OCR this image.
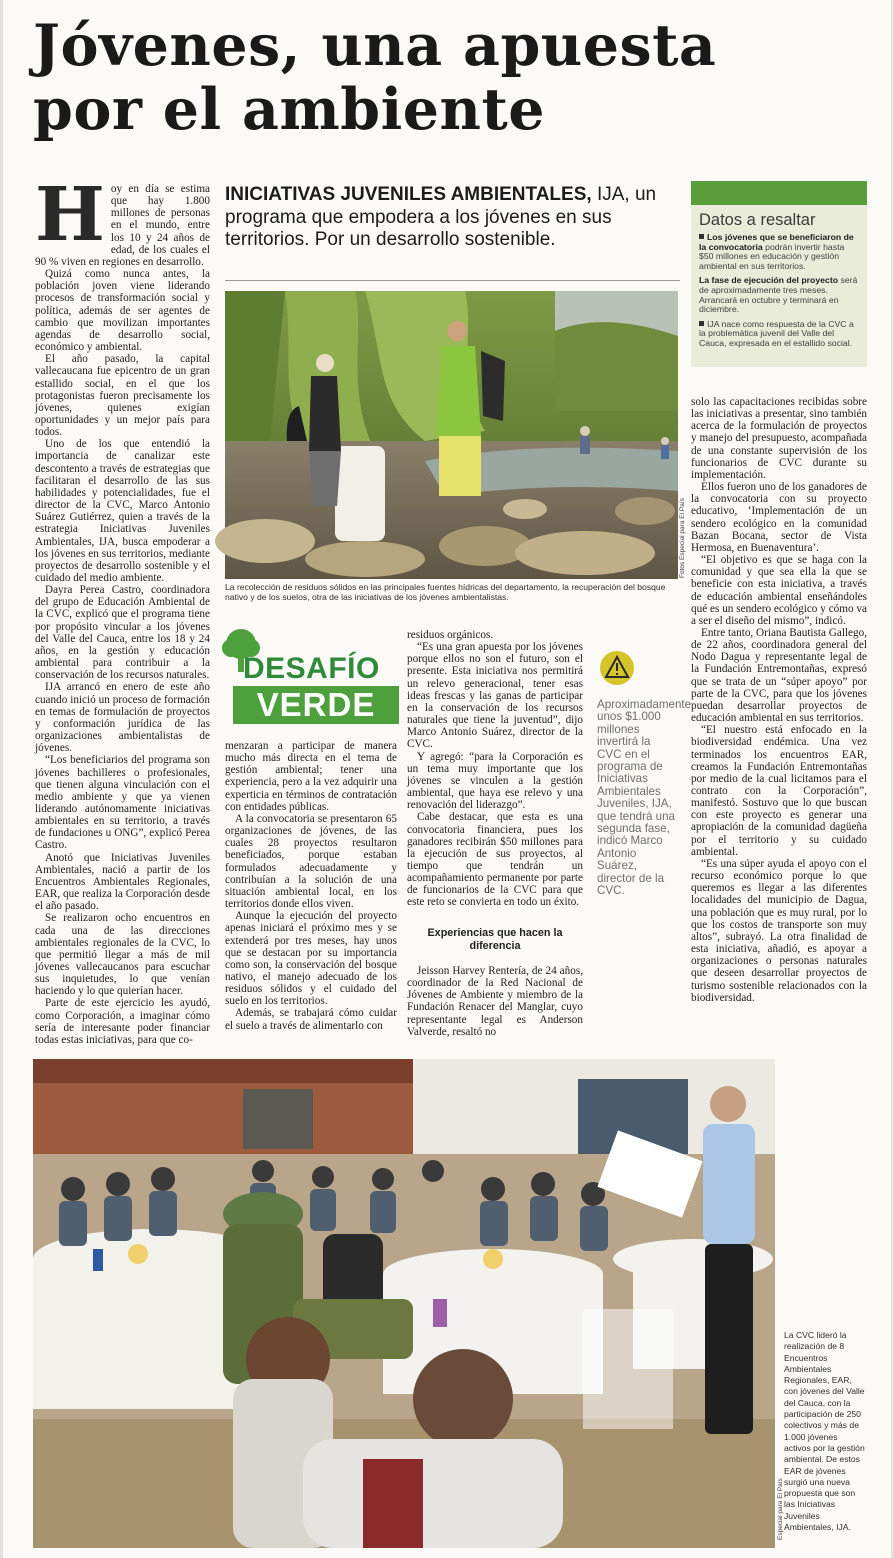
Jóvenes, una apuesta
por el ambiente
H oy en día se estima que hay 1.800 millones de personas en el mundo, entre los 10 y 24 años de edad, de los cuales el 90 % viven en regiones en desarrollo.

Quizá como nunca antes, la población joven viene liderando procesos de transformación social y política, además de ser agentes de cambio que movilizan importantes agendas de desarrollo social, económico y ambiental.

El año pasado, la capital vallecaucana fue epicentro de un gran estallido social, en el que los protagonistas fueron precisamente los jóvenes, quienes exigían oportunidades y un mejor país para todos.

Uno de los que entendió la importancia de canalizar este descontento a través de estrategias que facilitaran el desarrollo de las sus habilidades y potencialidades, fue el director de la CVC, Marco Antonio Suárez Gutiérrez, quien a través de la estrategia Iniciativas Juveniles Ambientales, IJA, busca empoderar a los jóvenes en sus territorios, mediante proyectos de desarrollo sostenible y el cuidado del medio ambiente.

Dayra Perea Castro, coordinadora del grupo de Educación Ambiental de la CVC, explicó que el programa tiene por propósito vincular a los jóvenes del Valle del Cauca, entre los 18 y 24 años, en la gestión y educación ambiental para contribuir a la conservación de los recursos naturales.

IJA arrancó en enero de este año cuando inició un proceso de formación en temas de formulación de proyectos y conformación jurídica de las organizaciones ambientalistas de jóvenes.

“Los beneficiarios del programa son jóvenes bachilleres o profesionales, que tienen alguna vinculación con el medio ambiente y que ya vienen liderando autónomamente iniciativas ambientales en su territorio, a través de fundaciones u ONG”, explicó Perea Castro.

Anotó que Iniciativas Juveniles Ambientales, nació a partir de los Encuentros Ambientales Regionales, EAR, que realiza la Corporación desde el año pasado.

Se realizaron ocho encuentros en cada una de las direcciones ambientales regionales de la CVC, lo que permitió llegar a más de mil jóvenes vallecaucanos para escuchar sus inquietudes, lo que venían haciendo y lo que quierían hacer.

Parte de este ejercicio les ayudó, como Corporación, a imaginar cómo sería de interesante poder financiar todas estas iniciativas, para que co-

INICIATIVAS JUVENILES AMBIENTALES, IJA, un programa que empodera a los jóvenes en sus territorios. Por un desarrollo sostenible.
Datos a resaltar
Los jóvenes que se beneficiaron de la convocatoria podrán invertir hasta $50 millones en educación y gestión ambiental en sus territorios.
La fase de ejecución del proyecto será de aproximadamente tres meses. Arrancará en octubre y terminará en diciembre.
IJA nace como respuesta de la CVC a la problemática juvenil del Valle del Cauca, expresada en el estallido social.
La recolección de residuos sólidos en las principales fuentes hídricas del departamento, la recuperación del bosque nativo y de los suelos, otra de las iniciativas de los jóvenes ambientalistas.
Fotos Especial para El País

solo las capacitaciones recibidas sobre las iniciativas a presentar, sino también acerca de la formulación de proyectos y manejo del presupuesto, acompañada de una constante supervisión de los funcionarios de CVC durante su implementación.

Ellos fueron uno de los ganadores de la convocatoria con su proyecto educativo, ‘Implementación de un sendero ecológico en la comunidad Bazan Bocana, sector de Vista Hermosa, en Buenaventura’.

“El objetivo es que se haga con la comunidad y que sea ella la que se beneficie con esta iniciativa, a través de educación ambiental enseñándoles qué es un sendero ecológico y cómo va a ser el diseño del mismo”, indicó.

Entre tanto, Oriana Bautista Gallego, de 22 años, coordinadora general del Nodo Dagua y representante legal de la Fundación Entremontañas, expresó que se trata de un “súper apoyo” por parte de la CVC, para que los jóvenes puedan desarrollar proyectos de educación ambiental en sus territorios.

“El nuestro está enfocado en la biodiversidad endémica. Una vez terminados los encuentros EAR, creamos la Fundación Entremontañas por medio de la cual licitamos para el contrato con la Corporación”, manifestó. Sostuvo que lo que buscan con este proyecto es generar una apropiación de la comunidad dagüeña por el territorio y su cuidado ambiental.

“Es una súper ayuda el apoyo con el recurso económico porque lo que queremos es llegar a las diferentes localidades del municipio de Dagua, una población que es muy rural, por lo que los costos de transporte son muy altos”, subrayó. La otra finalidad de esta iniciativa, añadió, es apoyar a organizaciones o personas naturales que deseen desarrollar proyectos de turismo sostenible relacionados con la biodiversidad.

DESAFÍO
VERDE

menzaran a participar de manera mucho más directa en el tema de gestión ambiental; tener una experiencia, pero a la vez adquirir una experticia en términos de contratación con entidades públicas.

A la convocatoria se presentaron 65 organizaciones de jóvenes, de las cuales 28 proyectos resultaron beneficiados, porque estaban formulados adecuadamente y contribuían a la solución de una situación ambiental local, en los territorios donde ellos viven.

Aunque la ejecución del proyecto apenas iniciará el próximo mes y se extenderá por tres meses, hay unos que se destacan por su importancia como son, la conservación del bosque nativo, el manejo adecuado de los residuos sólidos y el cuidado del suelo en los territorios.

Además, se trabajará cómo cuidar el suelo a través de alimentarlo con

residuos orgánicos.

“Es una gran apuesta por los jóvenes porque ellos no son el futuro, son el presente. Esta iniciativa nos permitirá un relevo generacional, tener esas ideas frescas y las ganas de participar en la conservación de los recursos naturales que tiene la juventud”, dijo Marco Antonio Suárez, director de la CVC.

Y agregó: “para la Corporación es un tema muy importante que los jóvenes se vinculen a la gestión ambiental, que haya ese relevo y una renovación del liderazgo”.

Cabe destacar, que esta es una convocatoria financiera, pues los ganadores recibirán $50 millones para la ejecución de sus proyectos, al tiempo que tendrán un acompañamiento permanente por parte de funcionarios de la CVC para que este reto se convierta en todo un éxito.

Experiencias que hacen la diferencia

Jeisson Harvey Rentería, de 24 años, coordinador de la Red Nacional de Jóvenes de Ambiente y miembro de la Fundación Renacer del Manglar, cuyo representante legal es Anderson Valverde, resaltó no

Aproximadamente unos $1.000 millones invertirá la CVC en el programa de Iniciativas Ambientales Juveniles, IJA, que tendrá una segunda fase, indicó Marco Antonio Suárez, director de la CVC.
La CVC lideró la realización de 8 Encuentros Ambientales Regionales, EAR, con jóvenes del Valle del Cauca, con la participación de 250 colectivos y más de 1.000 jóvenes activos por la gestión ambiental. De estos EAR de jóvenes surgió una nueva propuesta que son las Iniciativas Juveniles Ambientales, IJA.
Especial para El País
